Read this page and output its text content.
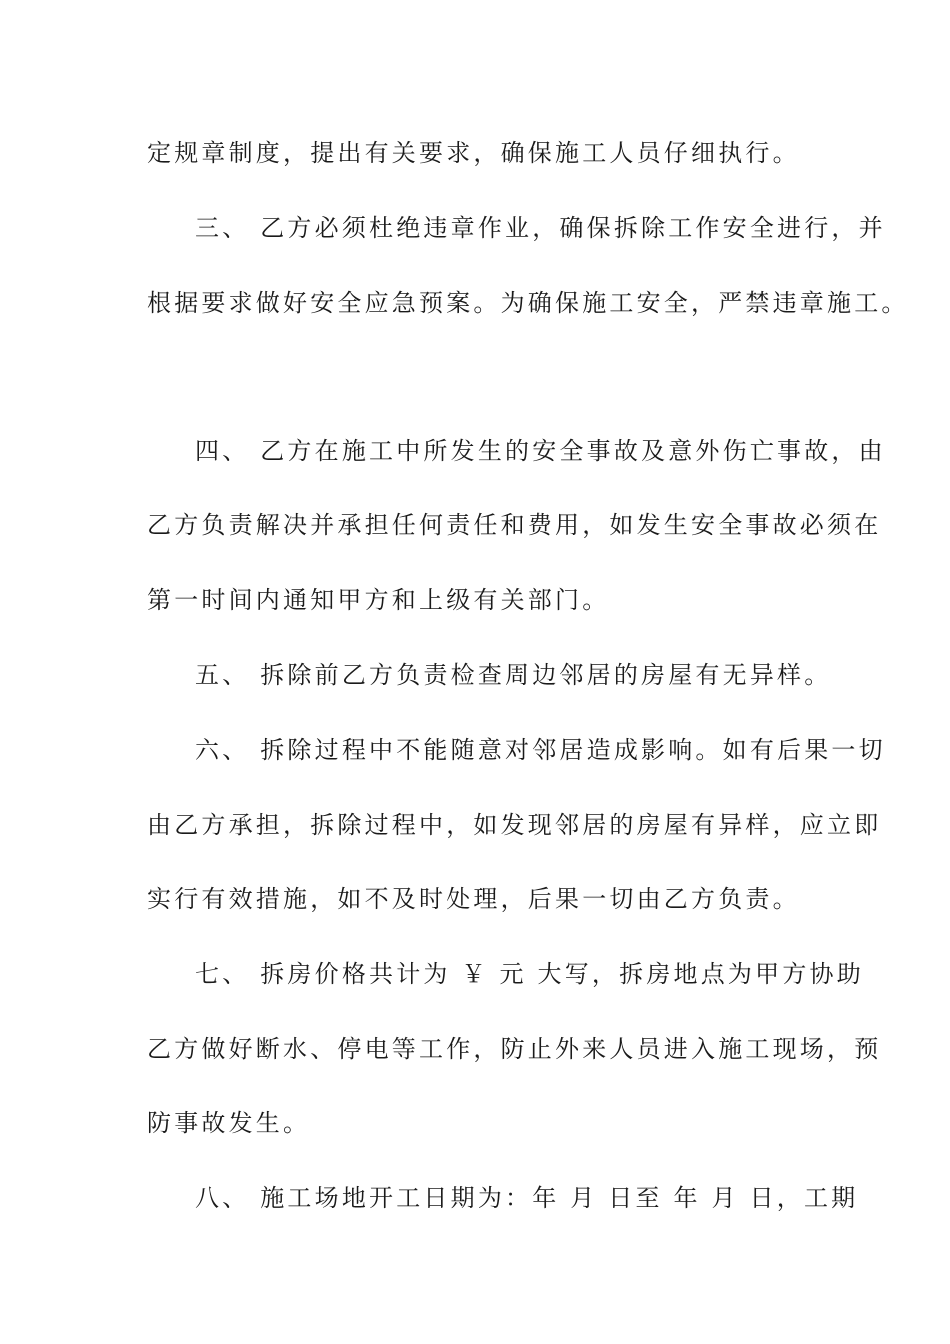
定规章制度，提出有关要求，确保施工人员仔细执行。
三、 乙方必须杜绝违章作业，确保拆除工作安全进行，并
根据要求做好安全应急预案。为确保施工安全，严禁违章施工。
四、 乙方在施工中所发生的安全事故及意外伤亡事故，由
乙方负责解决并承担任何责任和费用，如发生安全事故必须在
第一时间内通知甲方和上级有关部门。
五、 拆除前乙方负责检查周边邻居的房屋有无异样。
六、 拆除过程中不能随意对邻居造成影响。如有后果一切
由乙方承担，拆除过程中，如发现邻居的房屋有异样，应立即
实行有效措施，如不及时处理，后果一切由乙方负责。
七、 拆房价格共计为 ￥ 元 大写，拆房地点为甲方协助
乙方做好断水、停电等工作，防止外来人员进入施工现场，预
防事故发生。
八、 施工场地开工日期为：年 月 日至 年 月 日，工期
